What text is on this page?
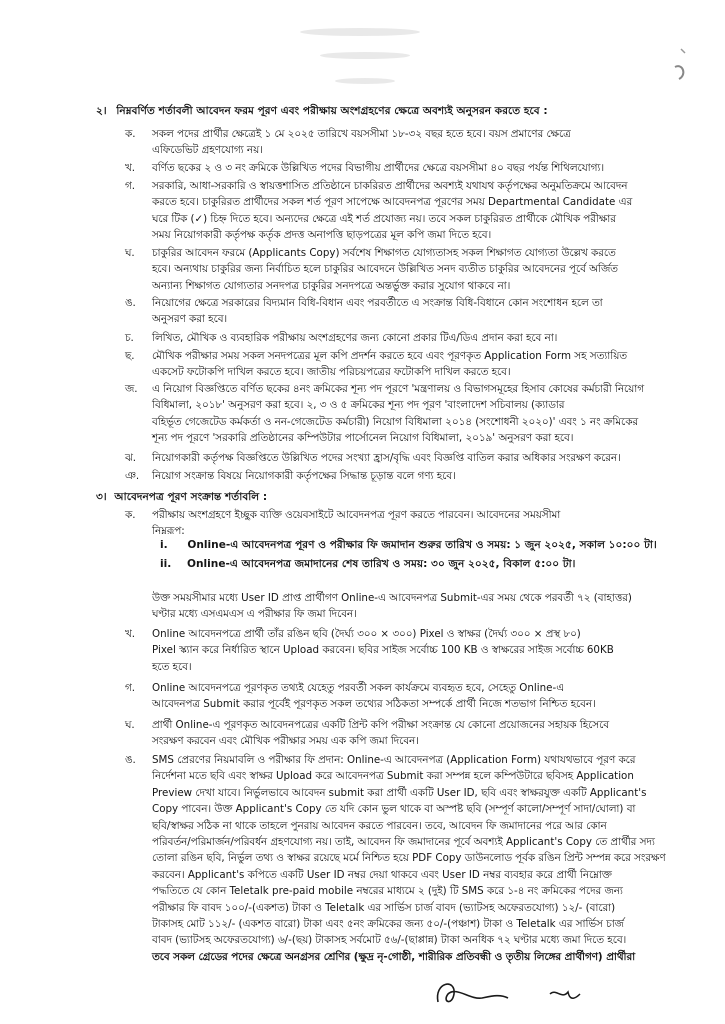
২। নিম্নবর্ণিত শর্তাবলী আবেদন ফরম পূরণ এবং পরীক্ষায় অংশগ্রহণের ক্ষেত্রে অবশ্যই অনুসরন করতে হবে :
ক. সকল পদের প্রার্থীর ক্ষেত্রেই ১ মে ২০২৫ তারিখে বয়সসীমা ১৮-৩২ বছর হতে হবে। বয়স প্রমাণের ক্ষেত্রে
এফিডেভিট গ্রহণযোগ্য নয়।
খ. বর্ণিত ছকের ২ ও ৩ নং ক্রমিকে উল্লিখিত পদের বিভাগীয় প্রার্থীদের ক্ষেত্রে বয়সসীমা ৪০ বছর পর্যন্ত শিথিলযোগ্য।
গ. সরকারি, আধা-সরকারি ও স্বায়ত্তশাসিত প্রতিষ্ঠানে চাকরিরত প্রার্থীদের অবশ্যই যথাযথ কর্তৃপক্ষের অনুমতিক্রমে আবেদন
করতে হবে। চাকুরিরত প্রার্থীদের সকল শর্ত পূরণ সাপেক্ষে আবেদনপত্র পূরণের সময় Departmental Candidate এর
ঘরে টিক (✓) চিহ্ন দিতে হবে। অন্যদের ক্ষেত্রে এই শর্ত প্রযোজ্য নয়। তবে সকল চাকুরিরত প্রার্থীকে মৌখিক পরীক্ষার
সময় নিয়োগকারী কর্তৃপক্ষ কর্তৃক প্রদত্ত অনাপত্তি ছাড়পত্রের মূল কপি জমা দিতে হবে।
ঘ. চাকুরির আবেদন ফরমে (Applicants Copy) সর্বশেষ শিক্ষাগত যোগ্যতাসহ সকল শিক্ষাগত যোগ্যতা উল্লেখ করতে
হবে। অন্যথায় চাকুরির জন্য নির্বাচিত হলে চাকুরির আবেদনে উল্লিখিত সনদ ব্যতীত চাকুরির আবেদনের পূর্বে অর্জিত
অন্যান্য শিক্ষাগত যোগ্যতার সনদপত্র চাকুরির সনদপত্রে অন্তর্ভুক্ত করার সুযোগ থাকবে না।
ঙ. নিয়োগের ক্ষেত্রে সরকারের বিদ্যমান বিধি-বিধান এবং পরবর্তীতে এ সংক্রান্ত বিধি-বিধানে কোন সংশোধন হলে তা
অনুসরণ করা হবে।
চ. লিখিত, মৌখিক ও ব্যবহারিক পরীক্ষায় অংশগ্রহণের জন্য কোনো প্রকার টিএ/ডিএ প্রদান করা হবে না।
ছ. মৌখিক পরীক্ষার সময় সকল সনদপত্রের মূল কপি প্রদর্শন করতে হবে এবং পূরণকৃত Application Form সহ সত্যায়িত
একসেট ফটোকপি দাখিল করতে হবে। জাতীয় পরিচয়পত্রের ফটোকপি দাখিল করতে হবে।
জ. এ নিয়োগ বিজ্ঞপ্তিতে বর্ণিত ছকের ৪নং ক্রমিকের শূন্য পদ পূরণে 'মন্ত্রণালয় ও বিভাগসমূহের হিসাব কোষের কর্মচারী নিয়োগ
বিধিমালা, ২০১৮' অনুসরণ করা হবে। ২, ৩ ও ৫ ক্রমিকের শূন্য পদ পূরণ 'বাংলাদেশ সচিবালয় (ক্যাডার
বহির্ভূত গেজেটেড কর্মকর্তা ও নন-গেজেটেড কর্মচারী) নিয়োগ বিধিমালা ২০১৪ (সংশোধনী ২০২০)' এবং ১ নং ক্রমিকের
শূন্য পদ পূরণে 'সরকারি প্রতিষ্ঠানের কম্পিউটার পার্সোনেল নিয়োগ বিধিমালা, ২০১৯' অনুসরণ করা হবে।
ঝ. নিয়োগকারী কর্তৃপক্ষ বিজ্ঞপ্তিতে উল্লিখিত পদের সংখ্যা হ্রাস/বৃদ্ধি এবং বিজ্ঞপ্তি বাতিল করার অধিকার সংরক্ষণ করেন।
ঞ. নিয়োগ সংক্রান্ত বিষয়ে নিয়োগকারী কর্তৃপক্ষের সিদ্ধান্ত চূড়ান্ত বলে গণ্য হবে।
৩। আবেদনপত্র পূরণ সংক্রান্ত শর্তাবলি :
ক. পরীক্ষায় অংশগ্রহণে ইচ্ছুক ব্যক্তি ওয়েবসাইটে আবেদনপত্র পূরণ করতে পারবেন। আবেদনের সময়সীমা
নিম্নরূপ:
i. Online-এ আবেদনপত্র পূরণ ও পরীক্ষার ফি জমাদান শুরুর তারিখ ও সময়: ১ জুন ২০২৫, সকাল ১০:০০ টা।
ii. Online-এ আবেদনপত্র জমাদানের শেষ তারিখ ও সময়: ৩০ জুন ২০২৫, বিকাল ৫:০০ টা।
উক্ত সময়সীমার মধ্যে User ID প্রাপ্ত প্রার্থীগণ Online-এ আবেদনপত্র Submit-এর সময় থেকে পরবর্তী ৭২ (বাহাত্তর)
ঘণ্টার মধ্যে এসএমএস এ পরীক্ষার ফি জমা দিবেন।
খ. Online আবেদনপত্রে প্রার্থী তাঁর রঙিন ছবি (দৈর্ঘ্য ৩০০ × ৩০০) Pixel ও স্বাক্ষর (দৈর্ঘ্য ৩০০ × প্রস্থ ৮০)
Pixel স্ক্যান করে নির্ধারিত স্থানে Upload করবেন। ছবির সাইজ সর্বোচ্চ 100 KB ও স্বাক্ষরের সাইজ সর্বোচ্চ 60KB
হতে হবে।
গ. Online আবেদনপত্রে পূরণকৃত তথ্যই যেহেতু পরবর্তী সকল কার্যক্রমে ব্যবহৃত হবে, সেহেতু Online-এ
আবেদনপত্র Submit করার পূর্বেই পূরণকৃত সকল তথ্যের সঠিকতা সম্পর্কে প্রার্থী নিজে শতভাগ নিশ্চিত হবেন।
ঘ. প্রার্থী Online-এ পূরণকৃত আবেদনপত্রের একটি প্রিন্ট কপি পরীক্ষা সংক্রান্ত যে কোনো প্রয়োজনের সহায়ক হিসেবে
সংরক্ষণ করবেন এবং মৌখিক পরীক্ষার সময় এক কপি জমা দিবেন।
ঙ. SMS প্রেরণের নিয়মাবলি ও পরীক্ষার ফি প্রদান: Online-এ আবেদনপত্র (Application Form) যথাযথভাবে পূরণ করে
নির্দেশনা মতে ছবি এবং স্বাক্ষর Upload করে আবেদনপত্র Submit করা সম্পন্ন হলে কম্পিউটারে ছবিসহ Application
Preview দেখা যাবে। নির্ভুলভাবে আবেদন submit করা প্রার্থী একটি User ID, ছবি এবং স্বাক্ষরযুক্ত একটি Applicant's
Copy পাবেন। উক্ত Applicant's Copy তে যদি কোন ভুল থাকে বা অস্পষ্ট ছবি (সম্পূর্ণ কালো/সম্পূর্ণ সাদা/ঘোলা) বা
ছবি/স্বাক্ষর সঠিক না থাকে তাহলে পুনরায় আবেদন করতে পারবেন। তবে, আবেদন ফি জমাদানের পরে আর কোন
পরিবর্তন/পরিমার্জন/পরিবর্ধন গ্রহণযোগ্য নয়। তাই, আবেদন ফি জমাদানের পূর্বে অবশ্যই Applicant's Copy তে প্রার্থীর সদ্য
তোলা রঙিন ছবি, নির্ভুল তথ্য ও স্বাক্ষর রয়েছে মর্মে নিশ্চিত হয়ে PDF Copy ডাউনলোড পূর্বক রঙিন প্রিন্ট সম্পন্ন করে সংরক্ষণ
করবেন। Applicant's কপিতে একটি User ID নম্বর দেয়া থাকবে এবং User ID নম্বর ব্যবহার করে প্রার্থী নিম্নোক্ত
পদ্ধতিতে যে কোন Teletalk pre-paid mobile নম্বরের মাধ্যমে ২ (দুই) টি SMS করে ১-৪ নং ক্রমিকের পদের জন্য
পরীক্ষার ফি বাবদ ১০০/-(একশত) টাকা ও Teletalk এর সার্ভিস চার্জ বাবদ (ভ্যাটসহ অফেরতযোগ্য) ১২/- (বারো)
টাকাসহ মোট ১১২/- (একশত বারো) টাকা এবং ৫নং ক্রমিকের জন্য ৫০/-(পঞ্চাশ) টাকা ও Teletalk এর সার্ভিস চার্জ
বাবদ (ভ্যাটসহ অফেরতযোগ্য) ৬/-(ছয়) টাকাসহ সর্বমোট ৫৬/-(ছাপ্পান্ন) টাকা অনধিক ৭২ ঘণ্টার মধ্যে জমা দিতে হবে।
তবে সকল গ্রেডের পদের ক্ষেত্রে অনগ্রসর শ্রেণির (ক্ষুদ্র নৃ-গোষ্ঠী, শারীরিক প্রতিবন্ধী ও তৃতীয় লিঙ্গের প্রার্থীগণ) প্রার্থীরা
